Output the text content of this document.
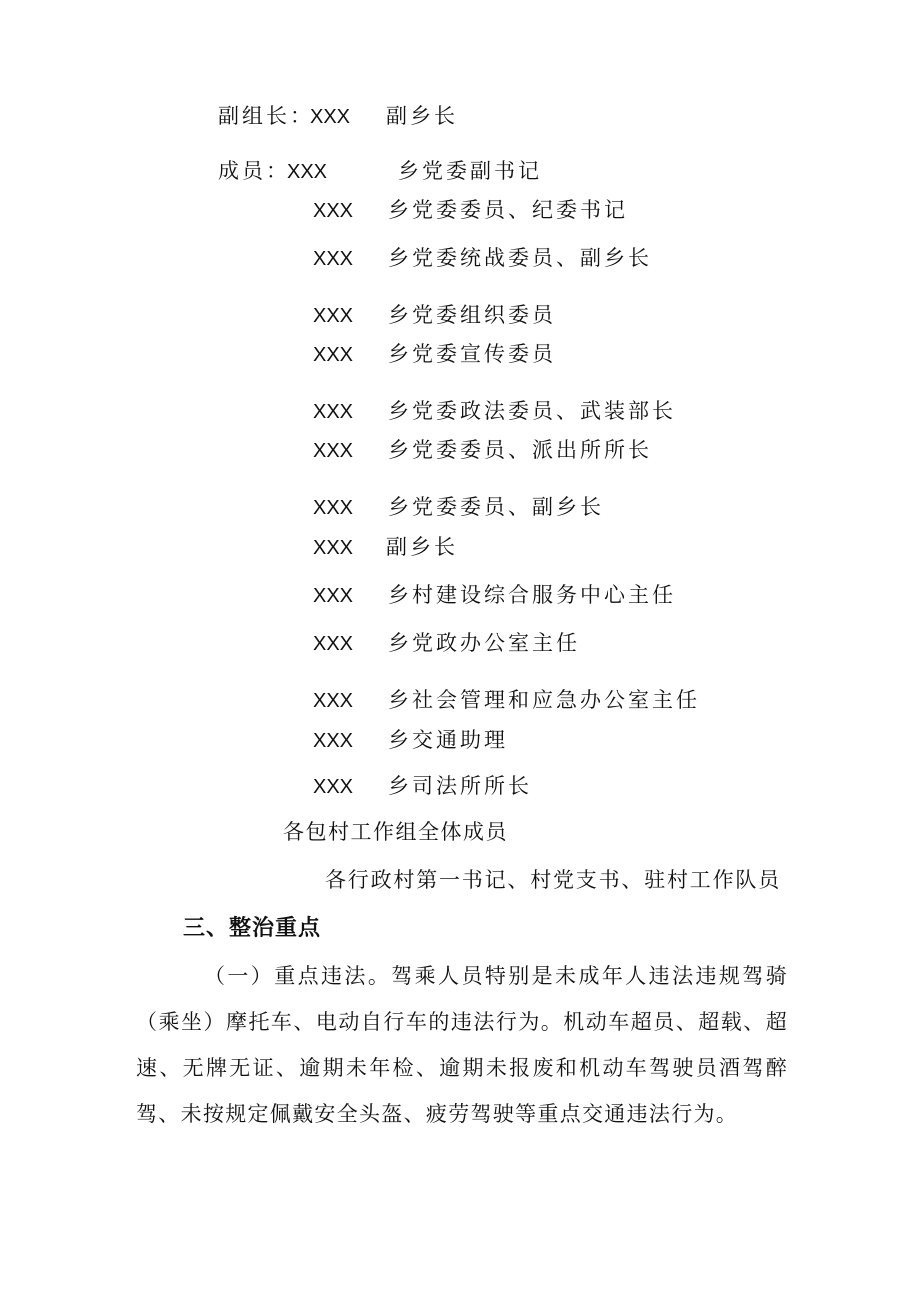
副组长：
XXX 副乡长
成员：
XXX	乡党委副书记
XXX 乡党委委员、纪委书记
XXX 乡党委统战委员、副乡长
XXX 乡党委组织委员
XXX 乡党委宣传委员
XXX 乡党委政法委员、武装部长
XXX 乡党委委员、派出所所长
XXX 乡党委委员、副乡长
XXX 副乡长
XXX 乡村建设综合服务中心主任
XXX 乡党政办公室主任
XXX 乡社会管理和应急办公室主任
XXX 乡交通助理
XXX 乡司法所所长
各包村工作组全体成员
各行政村第一书记、村党支书、驻村工作队员
三、整治重点
（一）重点违法。驾乘人员特别是未成年人违法违规驾骑（乘坐）摩托车、电动自行车的违法行为。机动车超员、超载、超速、无牌无证、逾期未年检、逾期未报废和机动车驾驶员酒驾醉驾、未按规定佩戴安全头盔、疲劳驾驶等重点交通违法行为。
